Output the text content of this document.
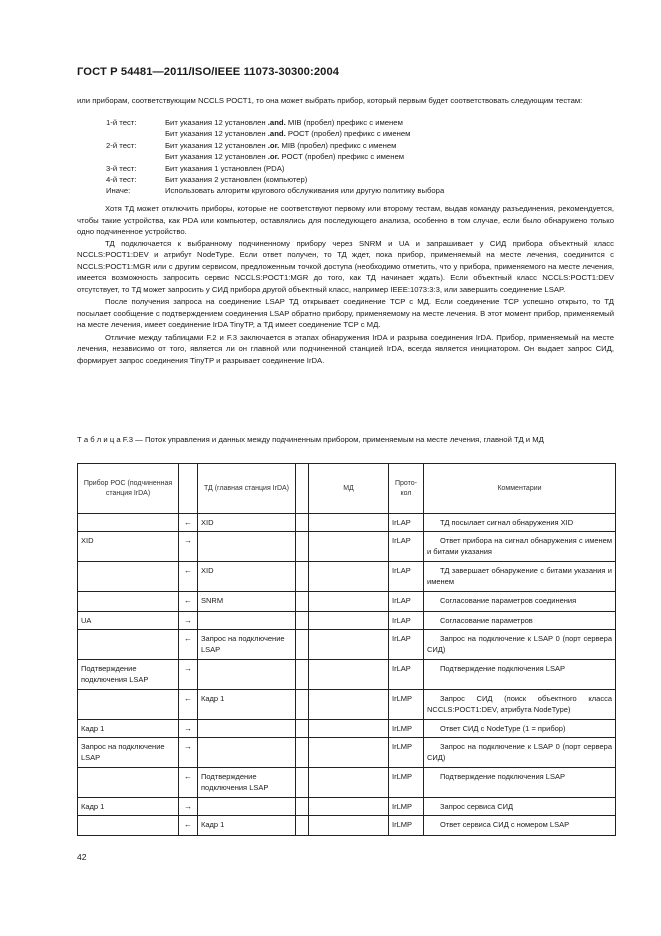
ГОСТ Р 54481—2011/ISO/IEEE 11073-30300:2004

или приборам, соответствующим NCCLS POCT1, то она может выбрать прибор, который первым будет соответствовать следующим тестам:

1-й тест:	Бит указания 12 установлен .and. MIB (пробел) префикс с именем
Бит указания 12 установлен .and. POCT (пробел) префикс с именем
2-й тест:	Бит указания 12 установлен .or. MIB (пробел) префикс с именем
Бит указания 12 установлен .or. POCT (пробел) префикс с именем
3-й тест:	Бит указания 1 установлен (PDA)
4-й тест:	Бит указания 2 установлен (компьютер)
Иначе:	Использовать алгоритм кругового обслуживания или другую политику выбора

Хотя ТД может отключить приборы, которые не соответствуют первому или второму тестам, выдав команду разъединения, рекомендуется, чтобы такие устройства, как PDA или компьютер, оставлялись для последующего анализа, особенно в том случае, если было обнаружено только одно подчиненное устройство.

ТД подключается к выбранному подчиненному прибору через SNRM и UA и запрашивает у СИД прибора объектный класс NCCLS:POCT1:DEV и атрибут NodeType. Если ответ получен, то ТД ждет, пока прибор, применяемый на месте лечения, соединится с NCCLS:POCT1:MGR или с другим сервисом, предложенным точкой доступа (необходимо отметить, что у прибора, применяемого на месте лечения, имеется возможность запросить сервис NCCLS:POCT1:MGR до того, как ТД начинает ждать). Если объектный класс NCCLS:POCT1:DEV отсутствует, то ТД может запросить у СИД прибора другой объектный класс, например IEEE:1073:3:3, или завершить соединение LSAP.

После получения запроса на соединение LSAP ТД открывает соединение TCP с МД. Если соединение TCP успешно открыто, то ТД посылает сообщение с подтверждением соединения LSAP обратно прибору, применяемому на месте лечения. В этот момент прибор, применяемый на месте лечения, имеет соединение IrDA TinyTP, а ТД имеет соединение TCP с МД.

Отличие между таблицами F.2 и F.3 заключается в этапах обнаружения IrDA и разрыва соединения IrDA. Прибор, применяемый на месте лечения, независимо от того, является ли он главной или подчиненной станцией IrDA, всегда является инициатором. Он выдает запрос СИД, формирует запрос соединения TinyTP и разрывает соединение IrDA.

Т а б л и ц а F.3 — Поток управления и данных между подчиненным прибором, применяемым на месте лечения, главной ТД и МД
Прибор POC (подчиненная станция IrDA)		ТД (главная станция IrDA)		МД	Прото-кол	Комментарии
	←	XID			IrLAP	ТД посылает сигнал обнаружения XID

XID	→				IrLAP	Ответ прибора на сигнал обнаружения с именем и битами указания

	←	XID			IrLAP	ТД завершает обнаружение с битами указания и именем

	←	SNRM			IrLAP	Согласование параметров соединения

UA	→				IrLAP	Согласование параметров

	←	Запрос на подключение LSAP			IrLAP	Запрос на подключение к LSAP 0 (порт сервера СИД)

Подтверждение подключения LSAP	→				IrLAP	Подтверждение подключения LSAP

	←	Кадр 1			IrLMP	Запрос СИД (поиск объектного класса NCCLS:POCT1:DEV, атрибута NodeType)

Кадр 1	→				IrLMP	Ответ СИД с NodeType (1 = прибор)

Запрос на подключение LSAP	→				IrLMP	Запрос на подключение к LSAP 0 (порт сервера СИД)

	←	Подтверждение подключения LSAP			IrLMP	Подтверждение подключения LSAP

Кадр 1	→				IrLMP	Запрос сервиса СИД

	←	Кадр 1			IrLMP	Ответ сервиса СИД с номером LSAP
42
